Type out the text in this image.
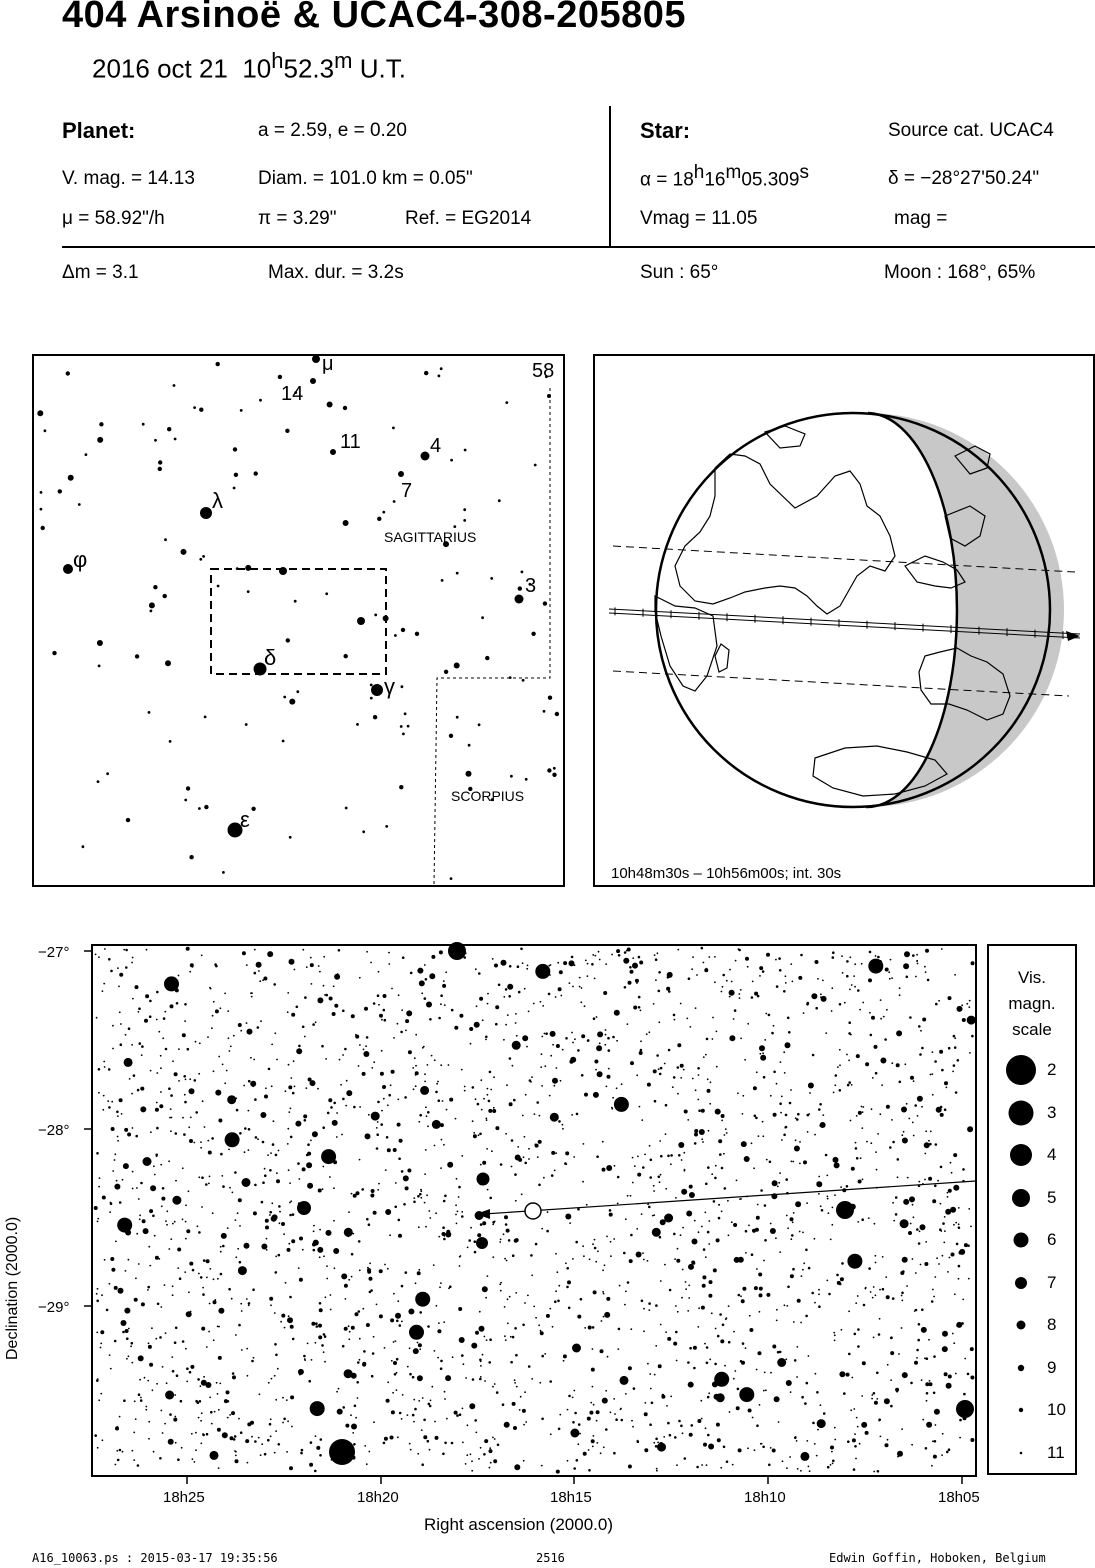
404 Arsinoë & UCAC4-308-205805
2016 oct 21 10$^h$52.3$^m$ U.T.
Planet:	a = 2.59, e = 0.20
V. mag. = 14.13	Diam. = 101.0 km = 0.05"
μ = 58.92"/h	π = 3.29"	Ref. = EG2014
Star:	Source cat. UCAC4
$\alpha = 18^h16^m05.309^s$	δ = −28°27'50.24"
Vmag = 11.05	mag =
Δm = 3.1	Max. dur. = 3.2s	Sun : 65°	Moon : 168°, 65%
μ
14
58
11	4
7
λ
φ
SAGITTARIUS
3
δ
γ
SCORPIUS
ε
10h48m30s – 10h56m00s; int. 30s
−27°
−28°
−29°
Declination (2000.0)
18h25	18h20	18h15	18h10	18h05
Right ascension (2000.0)
Vis.
magn.
scale
2
3
4
5
6
7
8
9
10
11
A16_10063.ps : 2015-03-17 19:35:56	2516	Edwin Goffin, Hoboken, Belgium
